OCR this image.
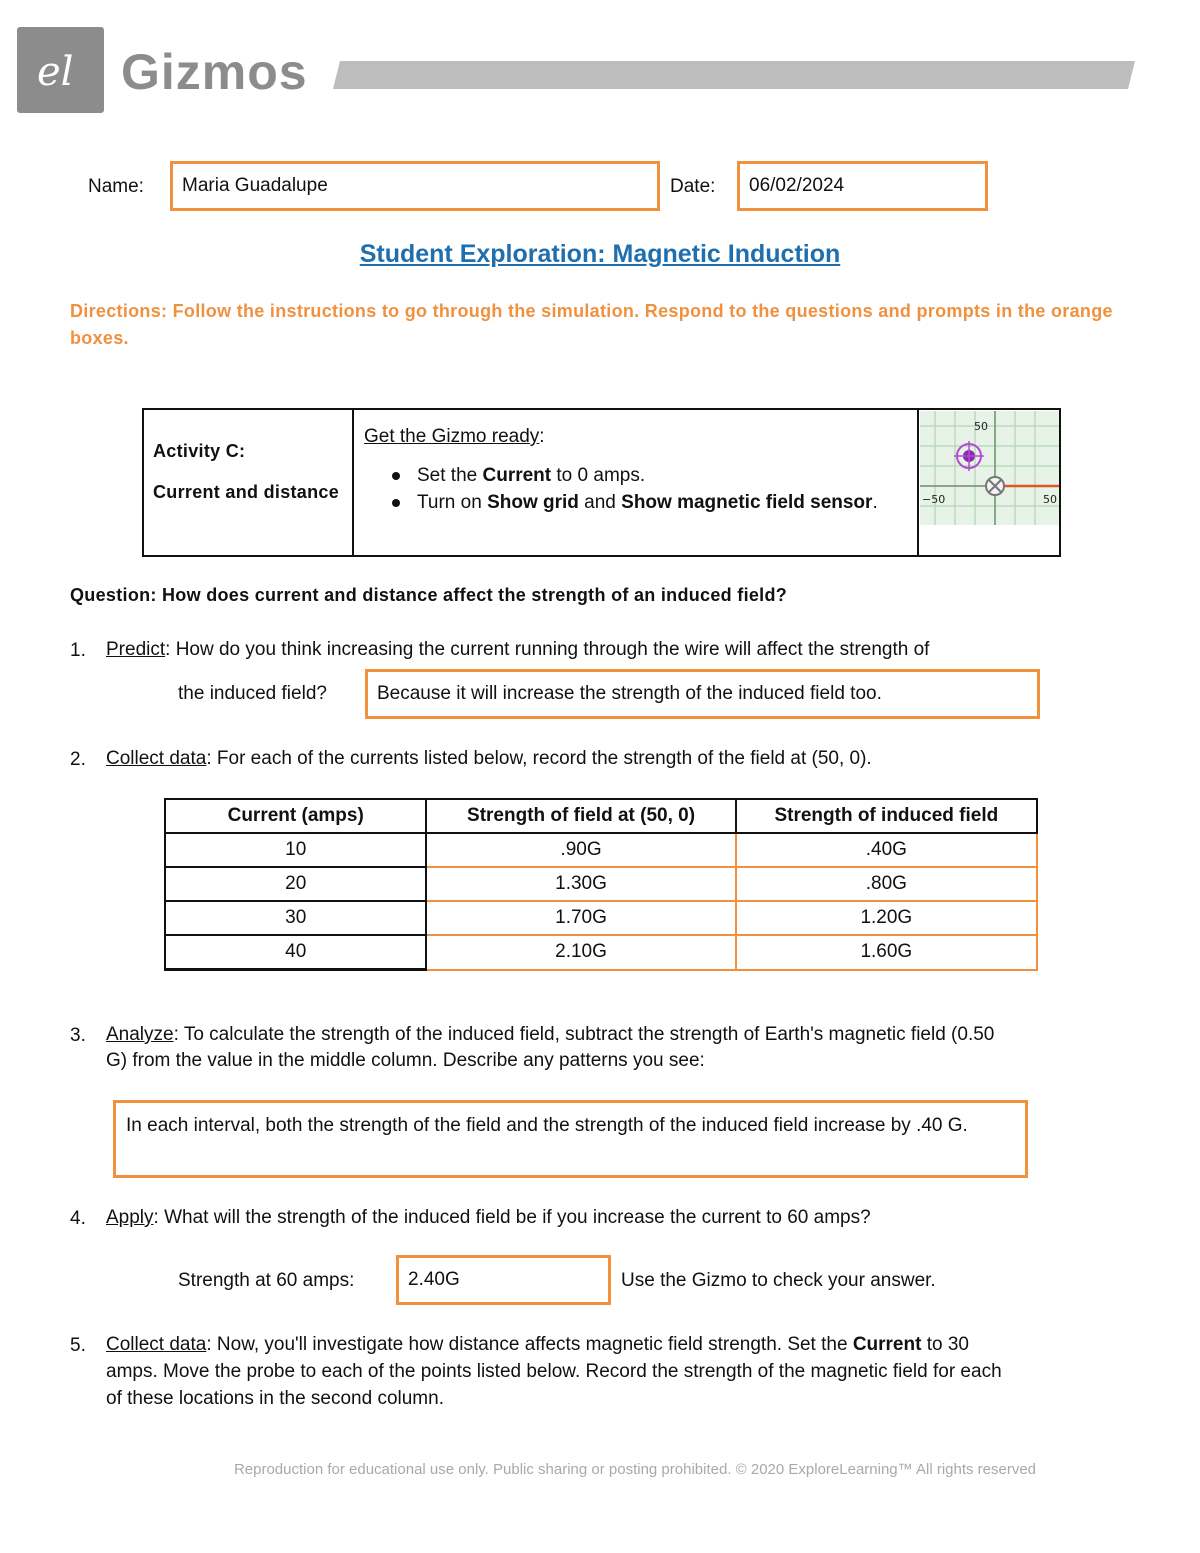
el Gizmos
Name:	Maria Guadalupe	Date:	06/02/2024
Student Exploration: Magnetic Induction
Directions: Follow the instructions to go through the simulation. Respond to the questions and prompts in the orange boxes.
Activity C:
Current and distance
Get the Gizmo ready:
Set the Current to 0 amps.
Turn on Show grid and Show magnetic field sensor.
50
−50	50
Question: How does current and distance affect the strength of an induced field?
1. Predict: How do you think increasing the current running through the wire will affect the strength of
the induced field?	Because it will increase the strength of the induced field too.
2. Collect data: For each of the currents listed below, record the strength of the field at (50, 0).
Current (amps)	Strength of field at (50, 0)	Strength of induced field
10	.90G	.40G
20	1.30G	.80G
30	1.70G	1.20G
40	2.10G	1.60G
3. Analyze: To calculate the strength of the induced field, subtract the strength of Earth's magnetic field (0.50
G) from the value in the middle column. Describe any patterns you see:
In each interval, both the strength of the field and the strength of the induced field increase by .40 G.
4. Apply: What will the strength of the induced field be if you increase the current to 60 amps?
Strength at 60 amps:	2.40G	Use the Gizmo to check your answer.
5. Collect data: Now, you'll investigate how distance affects magnetic field strength. Set the Current to 30
amps. Move the probe to each of the points listed below. Record the strength of the magnetic field for each
of these locations in the second column.
Reproduction for educational use only. Public sharing or posting prohibited. © 2020 ExploreLearning™ All rights reserved
